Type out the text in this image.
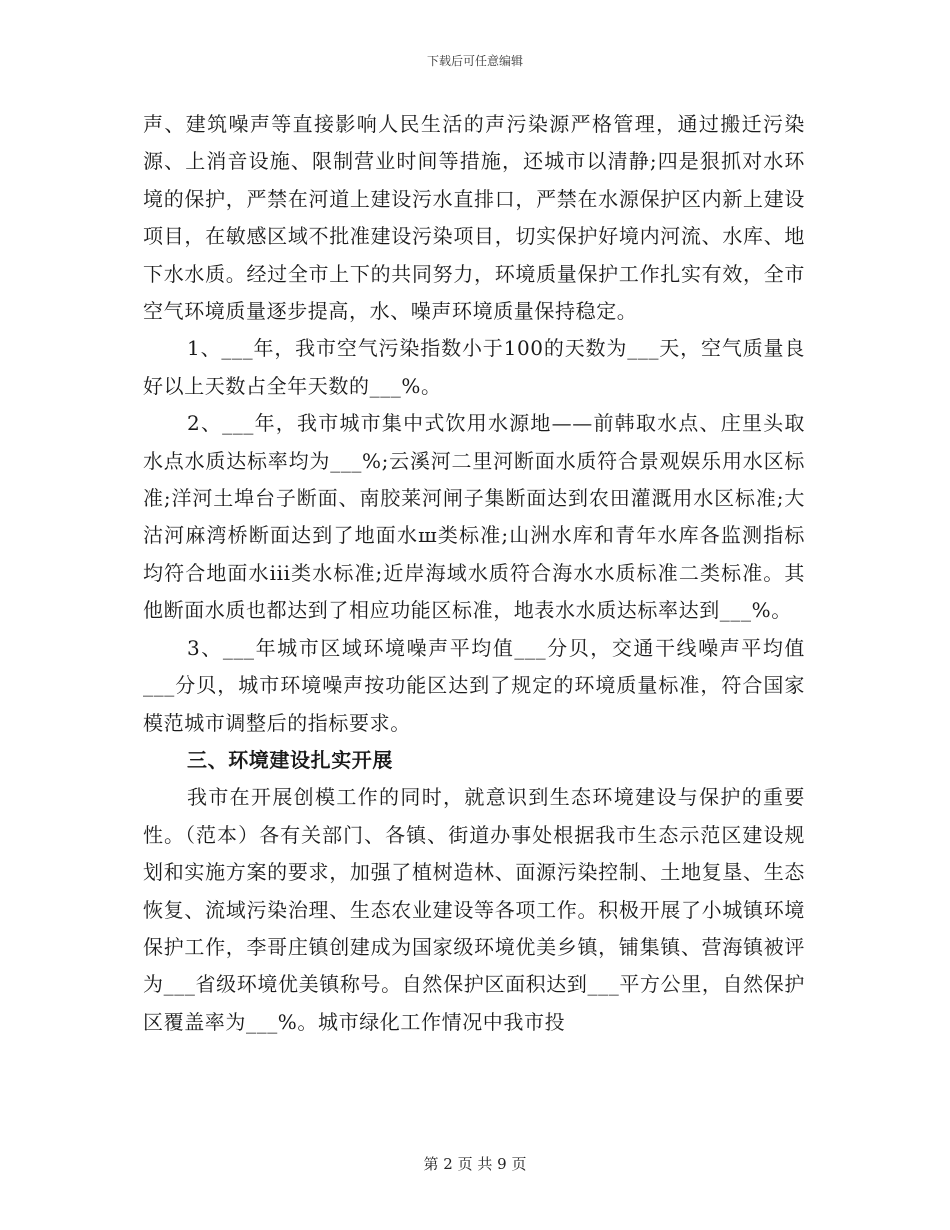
下载后可任意编辑

声、建筑噪声等直接影响人民生活的声污染源严格管理，通过搬迁污染源、上消音设施、限制营业时间等措施，还城市以清静;四是狠抓对水环境的保护，严禁在河道上建设污水直排口，严禁在水源保护区内新上建设项目，在敏感区域不批准建设污染项目，切实保护好境内河流、水库、地下水水质。经过全市上下的共同努力，环境质量保护工作扎实有效，全市空气环境质量逐步提高，水、噪声环境质量保持稳定。

1、___年，我市空气污染指数小于100的天数为___天，空气质量良好以上天数占全年天数的___%。

2、___年，我市城市集中式饮用水源地——前韩取水点、庄里头取水点水质达标率均为___%;云溪河二里河断面水质符合景观娱乐用水区标准;洋河土埠台子断面、南胶莱河闸子集断面达到农田灌溉用水区标准;大沽河麻湾桥断面达到了地面水ш类标准;山洲水库和青年水库各监测指标均符合地面水iii类水标准;近岸海域水质符合海水水质标准二类标准。其他断面水质也都达到了相应功能区标准，地表水水质达标率达到___%。

3、___年城市区域环境噪声平均值___分贝，交通干线噪声平均值___分贝，城市环境噪声按功能区达到了规定的环境质量标准，符合国家模范城市调整后的指标要求。

三、环境建设扎实开展

我市在开展创模工作的同时，就意识到生态环境建设与保护的重要性。（范本）各有关部门、各镇、街道办事处根据我市生态示范区建设规划和实施方案的要求，加强了植树造林、面源污染控制、土地复垦、生态恢复、流域污染治理、生态农业建设等各项工作。积极开展了小城镇环境保护工作，李哥庄镇创建成为国家级环境优美乡镇，铺集镇、营海镇被评为___省级环境优美镇称号。自然保护区面积达到___平方公里，自然保护区覆盖率为___%。城市绿化工作情况中我市投

第 2 页 共 9 页
